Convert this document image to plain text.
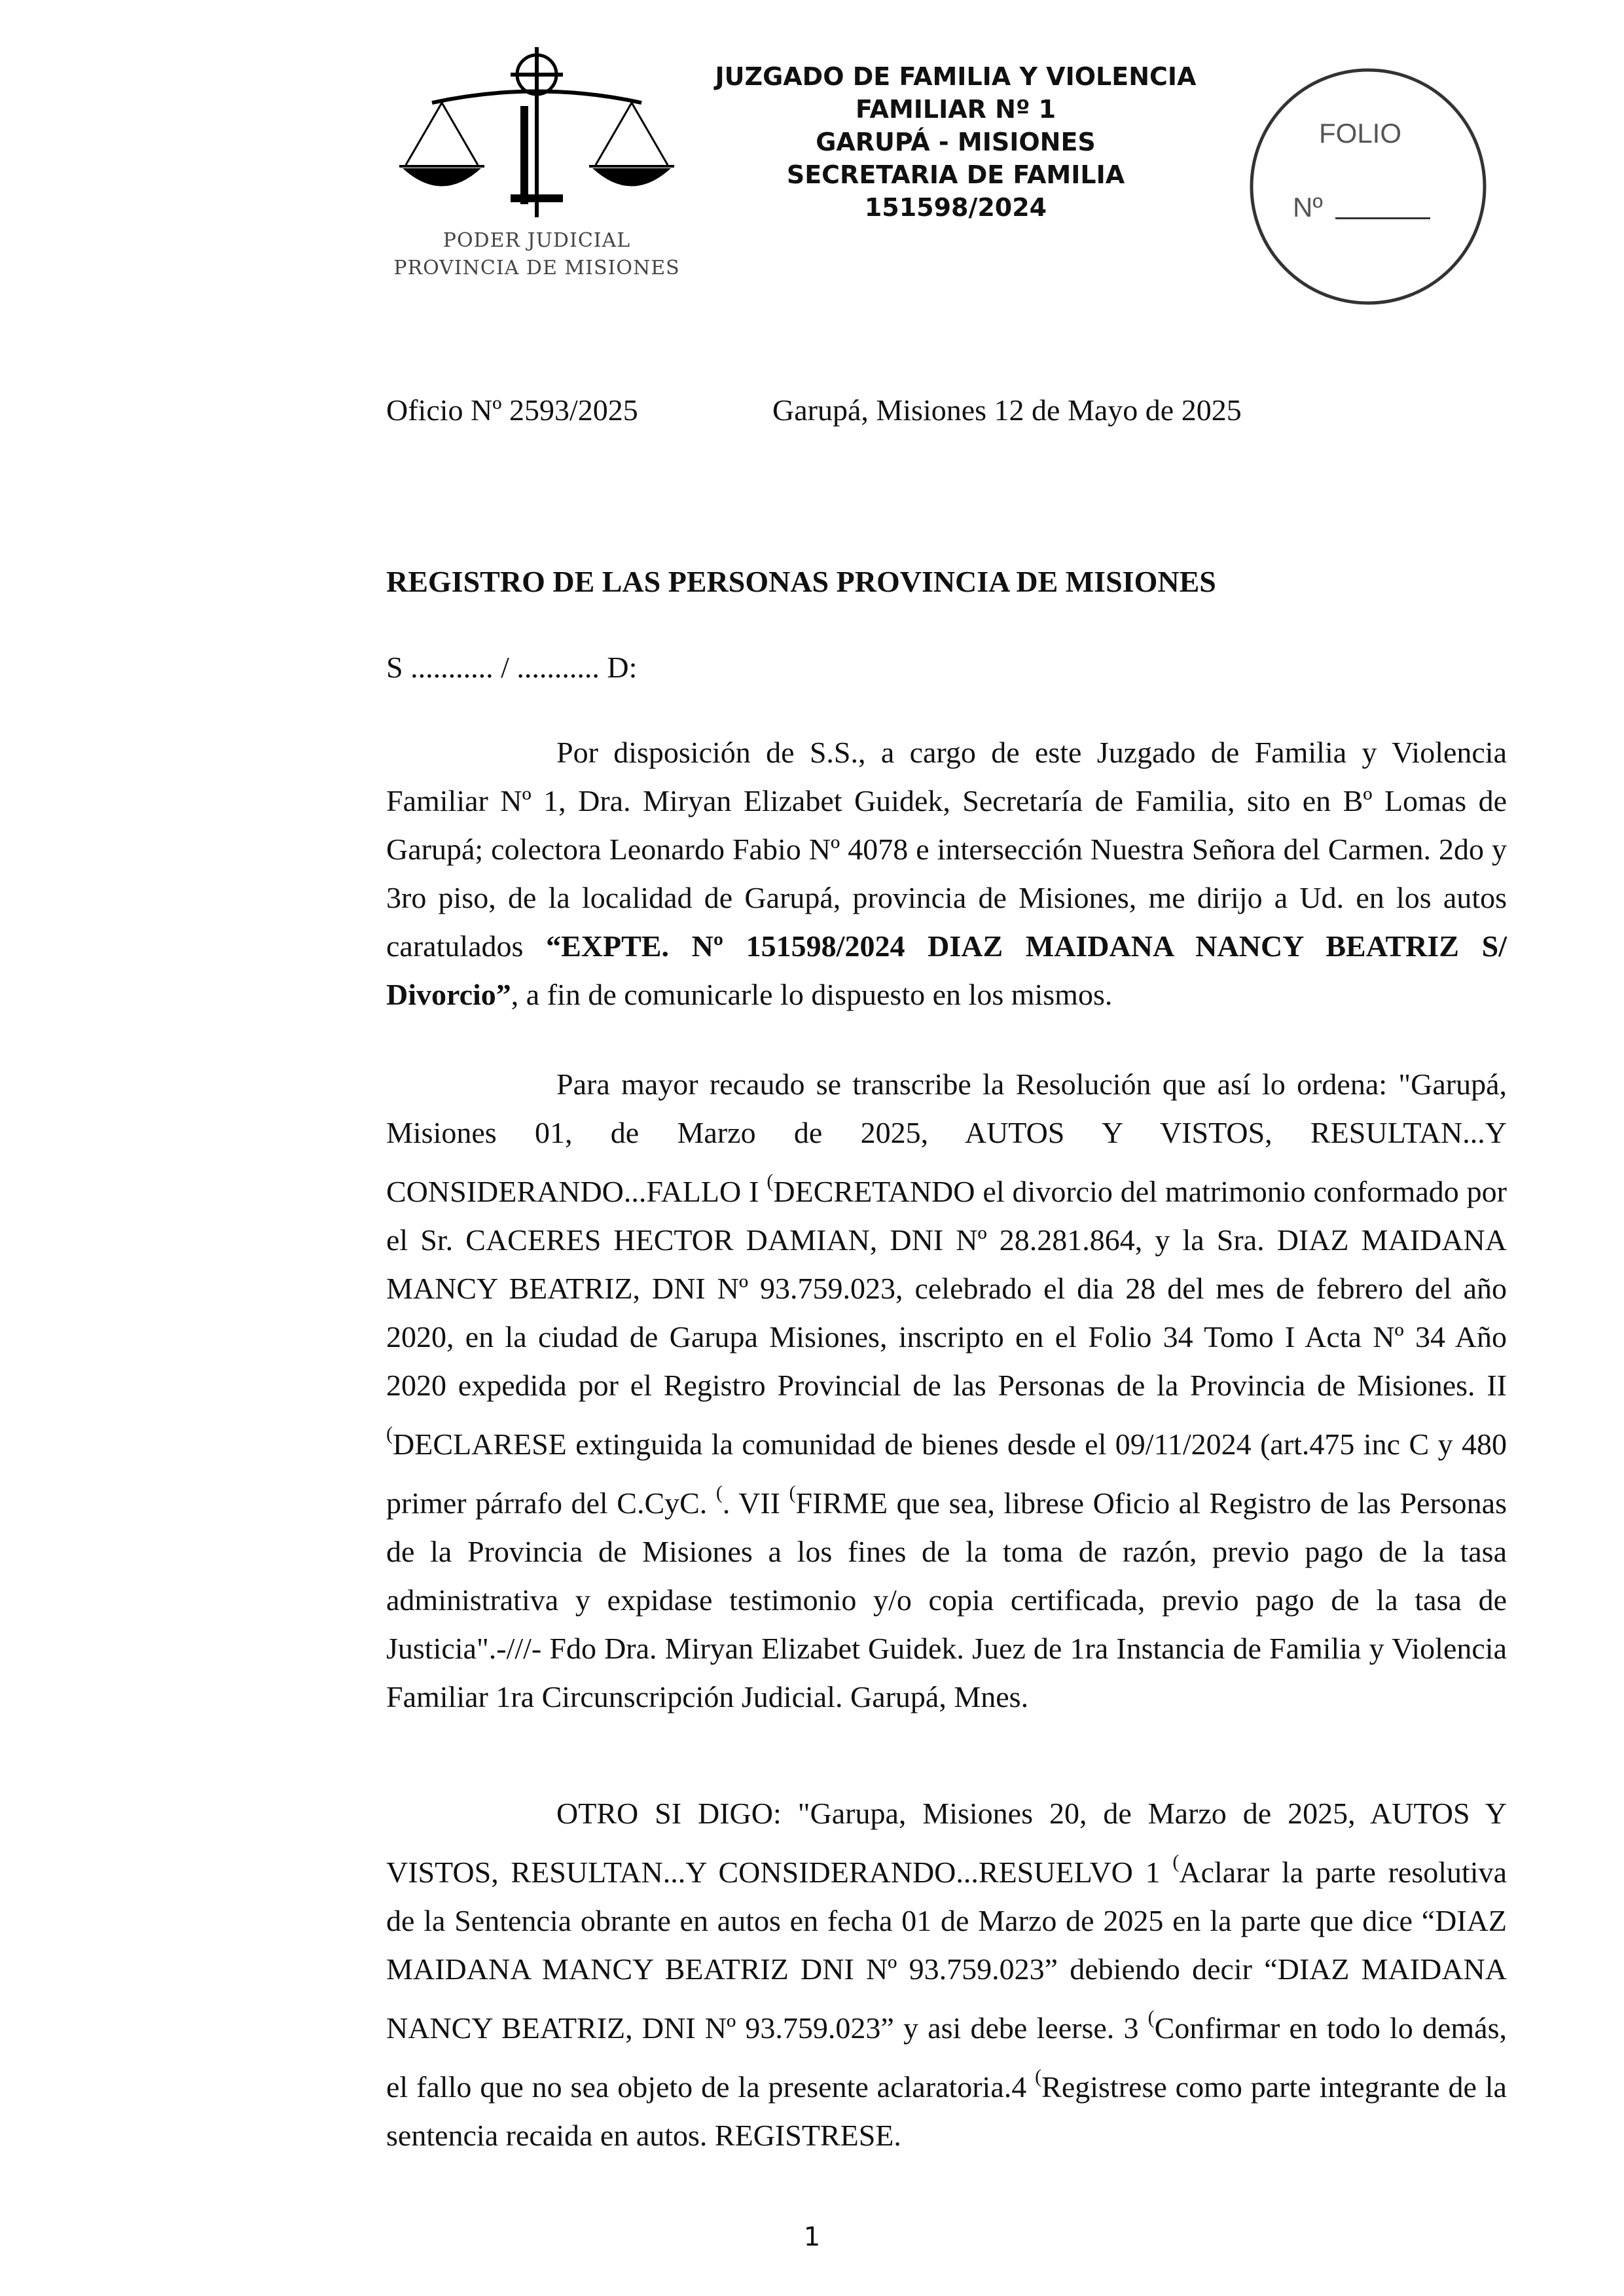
PODER JUDICIAL
PROVINCIA DE MISIONES
JUZGADO DE FAMILIA Y VIOLENCIA
FAMILIAR Nº 1
GARUPÁ - MISIONES
SECRETARIA DE FAMILIA
151598/2024
FOLIO
Nº
Oficio Nº 2593/2025	Garupá, Misiones 12 de Mayo de 2025
REGISTRO DE LAS PERSONAS PROVINCIA DE MISIONES
S ........... / ........... D:

Por disposición de S.S., a cargo de este Juzgado de Familia y Violencia Familiar Nº 1, Dra. Miryan Elizabet Guidek, Secretaría de Familia, sito en Bº Lomas de Garupá; colectora Leonardo Fabio Nº 4078 e intersección Nuestra Señora del Carmen. 2do y 3ro piso, de la localidad de Garupá, provincia de Misiones, me dirijo a Ud. en los autos caratulados “EXPTE. Nº 151598/2024 DIAZ MAIDANA NANCY BEATRIZ S/ Divorcio”, a fin de comunicarle lo dispuesto en los mismos.

Para mayor recaudo se transcribe la Resolución que así lo ordena: "Garupá, Misiones 01, de Marzo de 2025, AUTOS Y VISTOS, RESULTAN...Y CONSIDERANDO...FALLO I (DECRETANDO el divorcio del matrimonio conformado por el Sr. CACERES HECTOR DAMIAN, DNI Nº 28.281.864, y la Sra. DIAZ MAIDANA MANCY BEATRIZ, DNI Nº 93.759.023, celebrado el dia 28 del mes de febrero del año 2020, en la ciudad de Garupa Misiones, inscripto en el Folio 34 Tomo I Acta Nº 34 Año 2020 expedida por el Registro Provincial de las Personas de la Provincia de Misiones. II (DECLARESE extinguida la comunidad de bienes desde el 09/11/2024 (art.475 inc C y 480 primer párrafo del C.CyC. (. VII (FIRME que sea, librese Oficio al Registro de las Personas de la Provincia de Misiones a los fines de la toma de razón, previo pago de la tasa administrativa y expidase testimonio y/o copia certificada, previo pago de la tasa de Justicia".-///- Fdo Dra. Miryan Elizabet Guidek. Juez de 1ra Instancia de Familia y Violencia Familiar 1ra Circunscripción Judicial. Garupá, Mnes.

OTRO SI DIGO: "Garupa, Misiones 20, de Marzo de 2025, AUTOS Y VISTOS, RESULTAN...Y CONSIDERANDO...RESUELVO 1 (Aclarar la parte resolutiva de la Sentencia obrante en autos en fecha 01 de Marzo de 2025 en la parte que dice “DIAZ MAIDANA MANCY BEATRIZ DNI Nº 93.759.023” debiendo decir “DIAZ MAIDANA NANCY BEATRIZ, DNI Nº 93.759.023” y asi debe leerse. 3 (Confirmar en todo lo demás, el fallo que no sea objeto de la presente aclaratoria.4 (Registrese como parte integrante de la sentencia recaida en autos. REGISTRESE.

1
